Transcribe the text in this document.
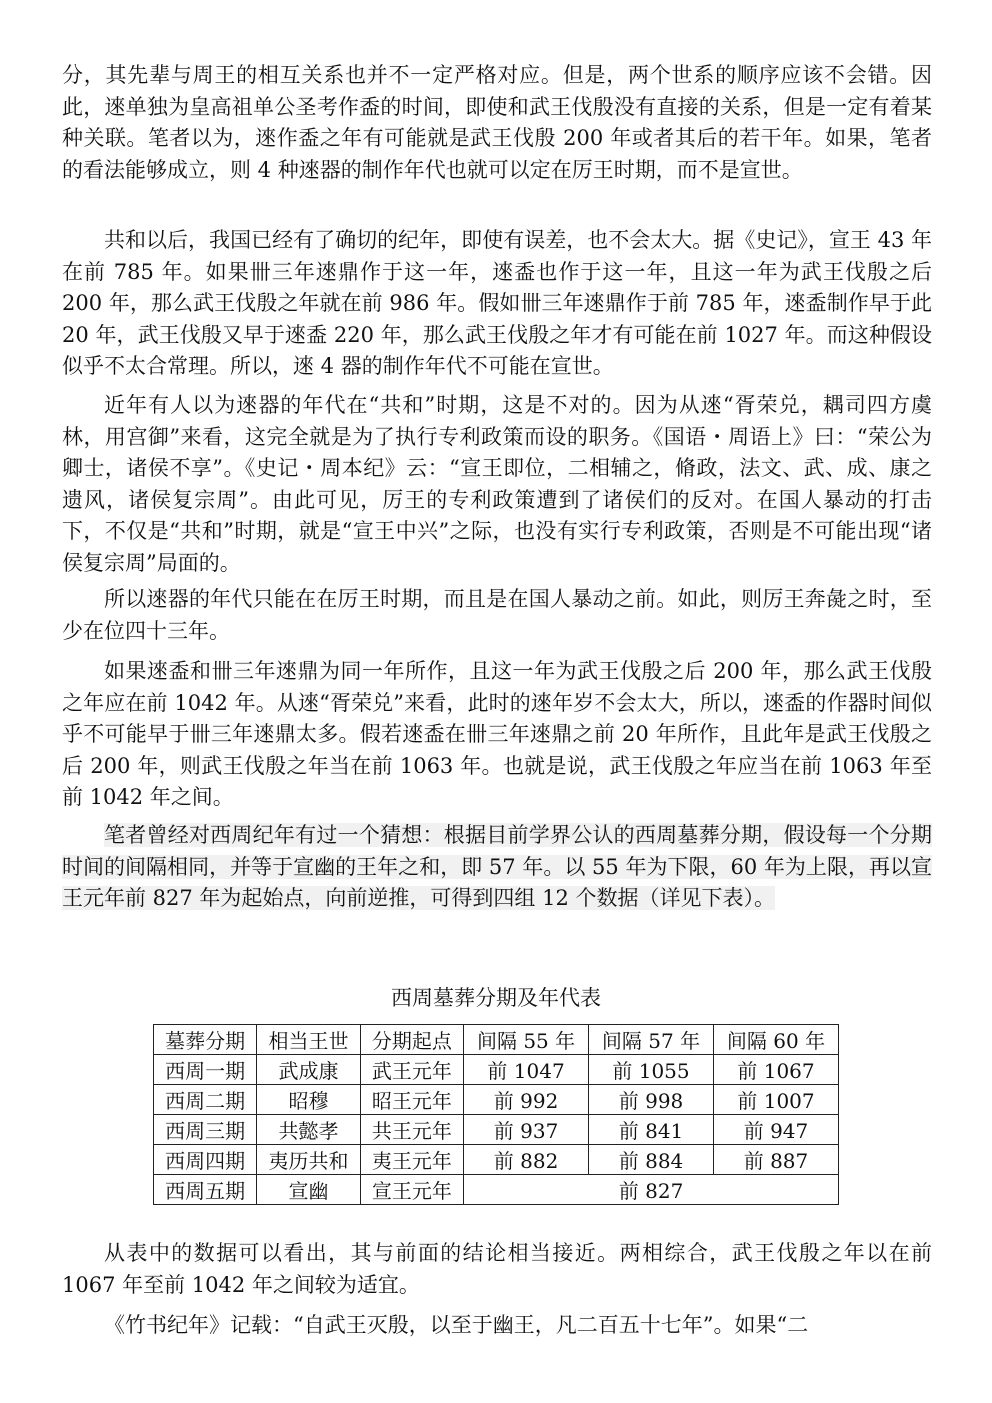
分，其先辈与周王的相互关系也并不一定严格对应。但是，两个世系的顺序应该不会错。因此，逨单独为皇高祖单公圣考作盉的时间，即使和武王伐殷没有直接的关系，但是一定有着某种关联。笔者以为，逨作盉之年有可能就是武王伐殷 200 年或者其后的若干年。如果，笔者的看法能够成立，则 4 种逨器的制作年代也就可以定在厉王时期，而不是宣世。

共和以后，我国已经有了确切的纪年，即使有误差，也不会太大。据《史记》，宣王 43 年在前 785 年。如果卌三年逨鼎作于这一年，逨盉也作于这一年，且这一年为武王伐殷之后 200 年，那么武王伐殷之年就在前 986 年。假如卌三年逨鼎作于前 785 年，逨盉制作早于此 20 年，武王伐殷又早于逨盉 220 年，那么武王伐殷之年才有可能在前 1027 年。而这种假设似乎不太合常理。所以，逨 4 器的制作年代不可能在宣世。

近年有人以为逨器的年代在“共和”时期，这是不对的。因为从逨“胥荣兑，耦司四方虞林，用宫御”来看，这完全就是为了执行专利政策而设的职务。《国语・周语上》曰：“荣公为卿士，诸侯不享”。《史记・周本纪》云：“宣王即位，二相辅之，脩政，法文、武、成、康之遗风，诸侯复宗周”。由此可见，厉王的专利政策遭到了诸侯们的反对。在国人暴动的打击下，不仅是“共和”时期，就是“宣王中兴”之际，也没有实行专利政策，否则是不可能出现“诸侯复宗周”局面的。

所以逨器的年代只能在在厉王时期，而且是在国人暴动之前。如此，则厉王奔彘之时，至少在位四十三年。

如果逨盉和卌三年逨鼎为同一年所作，且这一年为武王伐殷之后 200 年，那么武王伐殷之年应在前 1042 年。从逨“胥荣兑”来看，此时的逨年岁不会太大，所以，逨盉的作器时间似乎不可能早于卌三年逨鼎太多。假若逨盉在卌三年逨鼎之前 20 年所作，且此年是武王伐殷之后 200 年，则武王伐殷之年当在前 1063 年。也就是说，武王伐殷之年应当在前 1063 年至前 1042 年之间。

笔者曾经对西周纪年有过一个猜想：根据目前学界公认的西周墓葬分期，假设每一个分期时间的间隔相同，并等于宣幽的王年之和，即 57 年。以 55 年为下限，60 年为上限，再以宣王元年前 827 年为起始点，向前逆推，可得到四组 12 个数据（详见下表）。

西周墓葬分期及年代表

墓葬分期	相当王世	分期起点	间隔 55 年	间隔 57 年	间隔 60 年
西周一期	武成康	武王元年	前 1047	前 1055	前 1067
西周二期	昭穆	昭王元年	前 992	前 998	前 1007
西周三期	共懿孝	共王元年	前 937	前 841	前 947
西周四期	夷历共和	夷王元年	前 882	前 884	前 887
西周五期	宣幽	宣王元年	前 827		

从表中的数据可以看出，其与前面的结论相当接近。两相综合，武王伐殷之年以在前 1067 年至前 1042 年之间较为适宜。

《竹书纪年》记载：“自武王灭殷，以至于幽王，凡二百五十七年”。如果“二
